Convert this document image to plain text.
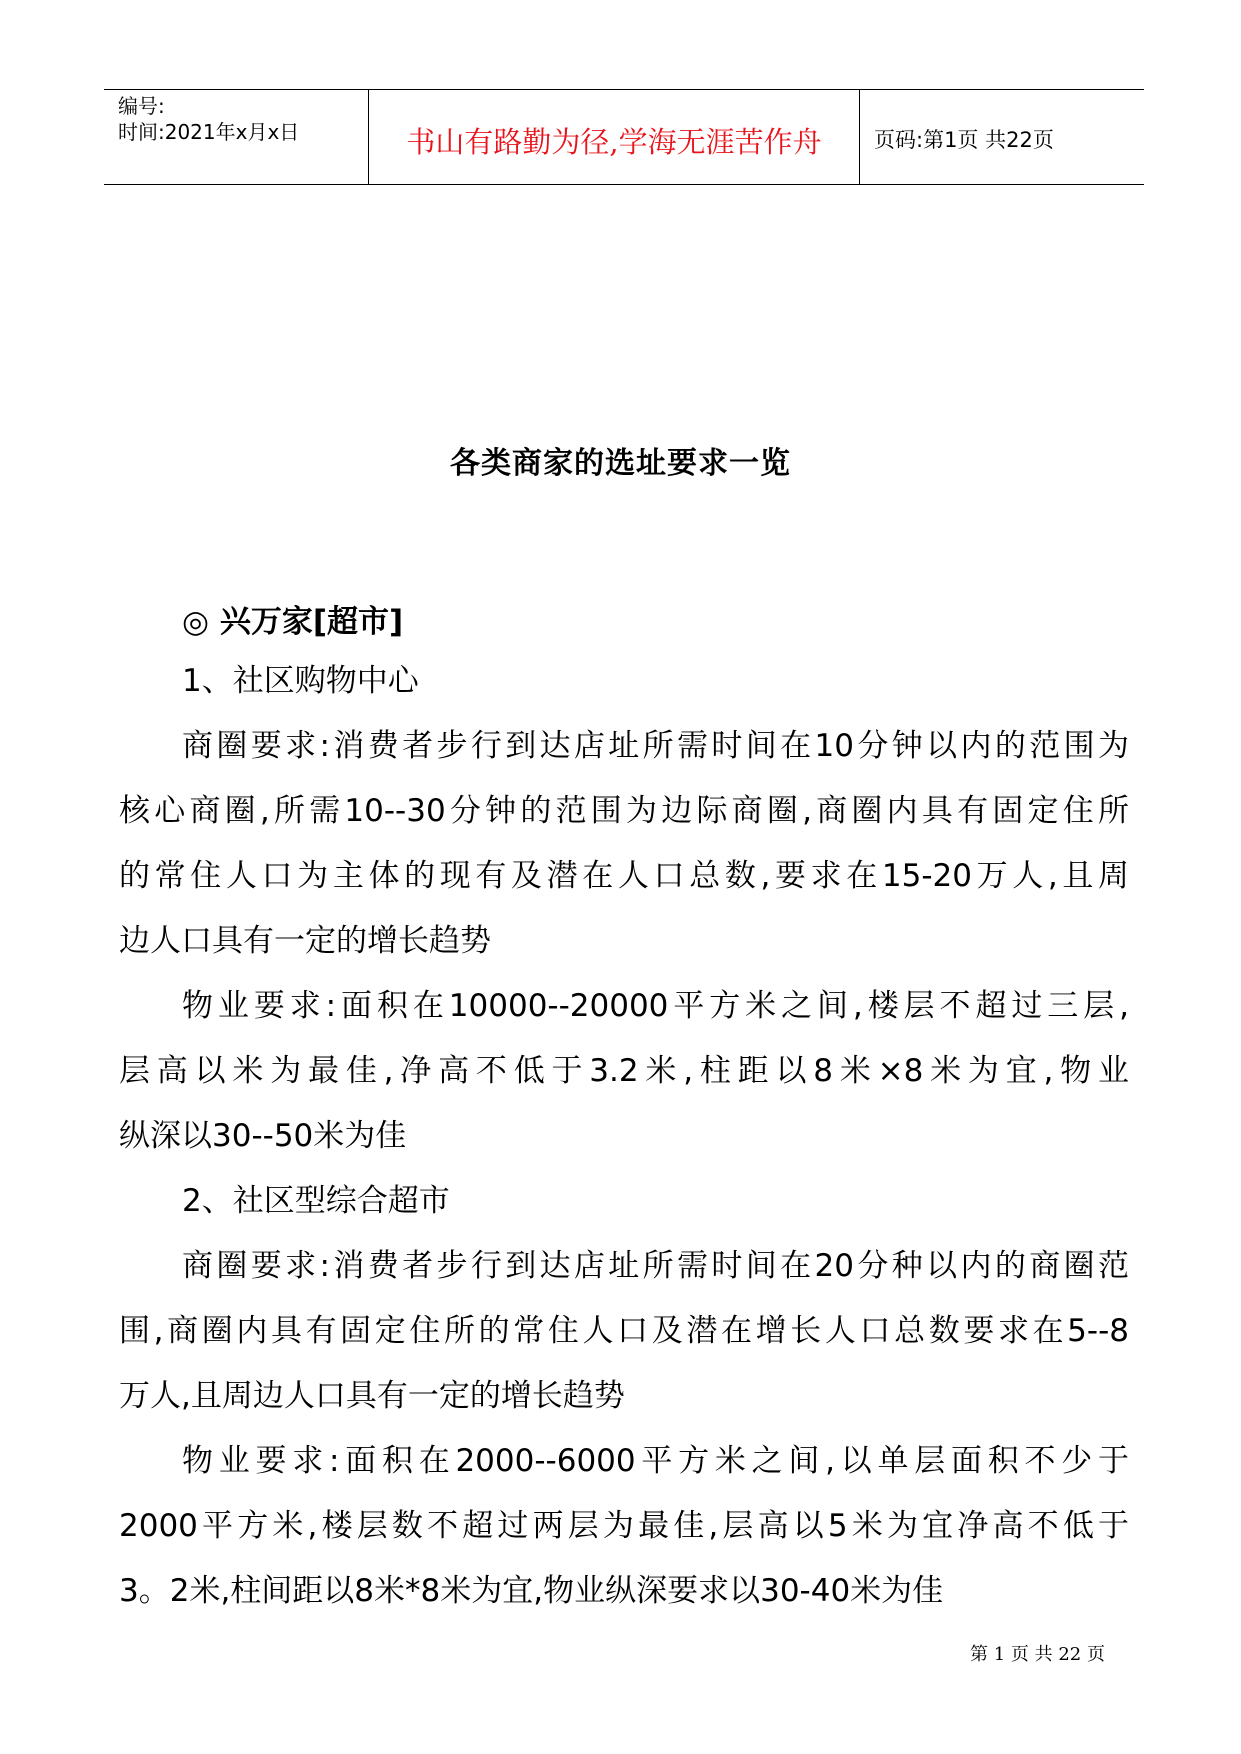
编号:
时间:2021年x月x日	书山有路勤为径,学海无涯苦作舟	页码:第1页 共22页
各类商家的选址要求一览
◎ 兴万家[超市]
1、社区购物中心
商圈要求:消费者步行到达店址所需时间在10分钟以内的范围为
核心商圈,所需10--30分钟的范围为边际商圈,商圈内具有固定住所
的常住人口为主体的现有及潜在人口总数,要求在15-20万人,且周
边人口具有一定的增长趋势
物业要求:面积在10000--20000平方米之间,楼层不超过三层,
层高以米为最佳,净高不低于3.2米,柱距以8米×8米为宜,物业
纵深以30--50米为佳
2、社区型综合超市
商圈要求:消费者步行到达店址所需时间在20分种以内的商圈范
围,商圈内具有固定住所的常住人口及潜在增长人口总数要求在5--8
万人,且周边人口具有一定的增长趋势
物业要求:面积在2000--6000平方米之间,以单层面积不少于
2000平方米,楼层数不超过两层为最佳,层高以5米为宜净高不低于
3。2米,柱间距以8米*8米为宜,物业纵深要求以30-40米为佳
第 1 页 共 22 页
